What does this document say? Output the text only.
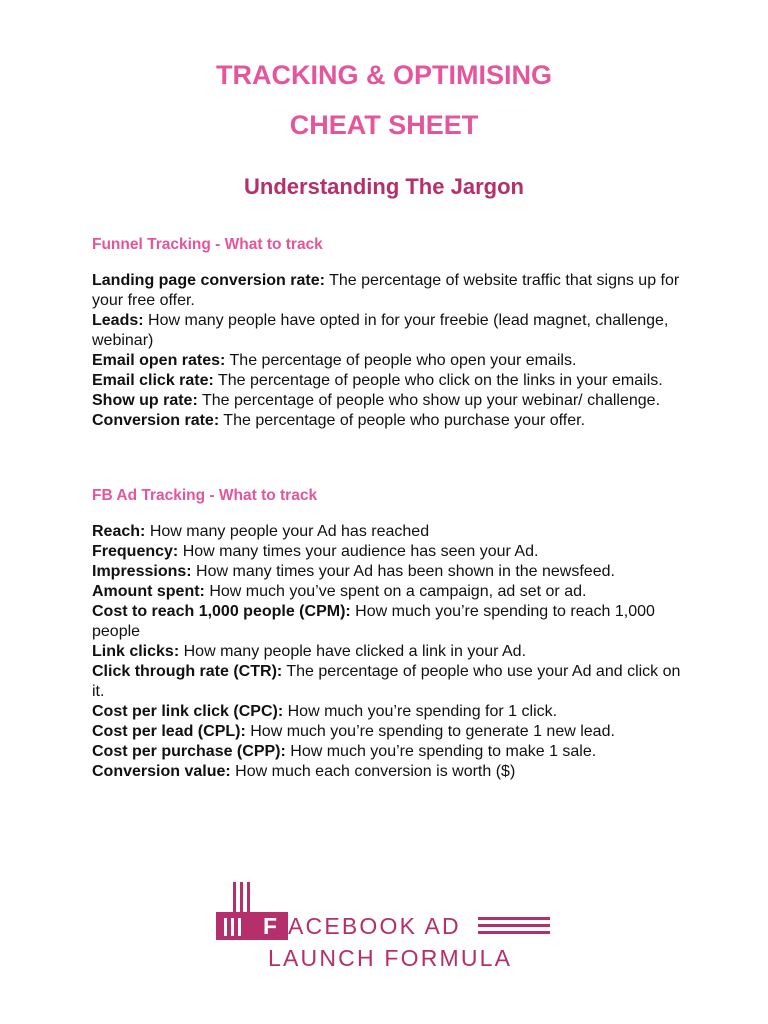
TRACKING & OPTIMISING
CHEAT SHEET
Understanding The Jargon
Funnel Tracking - What to track

Landing page conversion rate: The percentage of website traffic that signs up for your free offer.

Leads: How many people have opted in for your freebie (lead magnet, challenge, webinar)

Email open rates: The percentage of people who open your emails.

Email click rate: The percentage of people who click on the links in your emails.

Show up rate: The percentage of people who show up your webinar/ challenge.

Conversion rate: The percentage of people who purchase your offer.

FB Ad Tracking - What to track

Reach: How many people your Ad has reached

Frequency: How many times your audience has seen your Ad.

Impressions: How many times your Ad has been shown in the newsfeed.

Amount spent: How much you’ve spent on a campaign, ad set or ad.

Cost to reach 1,000 people (CPM): How much you’re spending to reach 1,000 people

Link clicks: How many people have clicked a link in your Ad.

Click through rate (CTR): The percentage of people who use your Ad and click on it.

Cost per link click (CPC): How much you’re spending for 1 click.

Cost per lead (CPL): How much you’re spending to generate 1 new lead.

Cost per purchase (CPP): How much you’re spending to make 1 sale.

Conversion value: How much each conversion is worth ($)

F ACEBOOK AD
LAUNCH FORMULA
